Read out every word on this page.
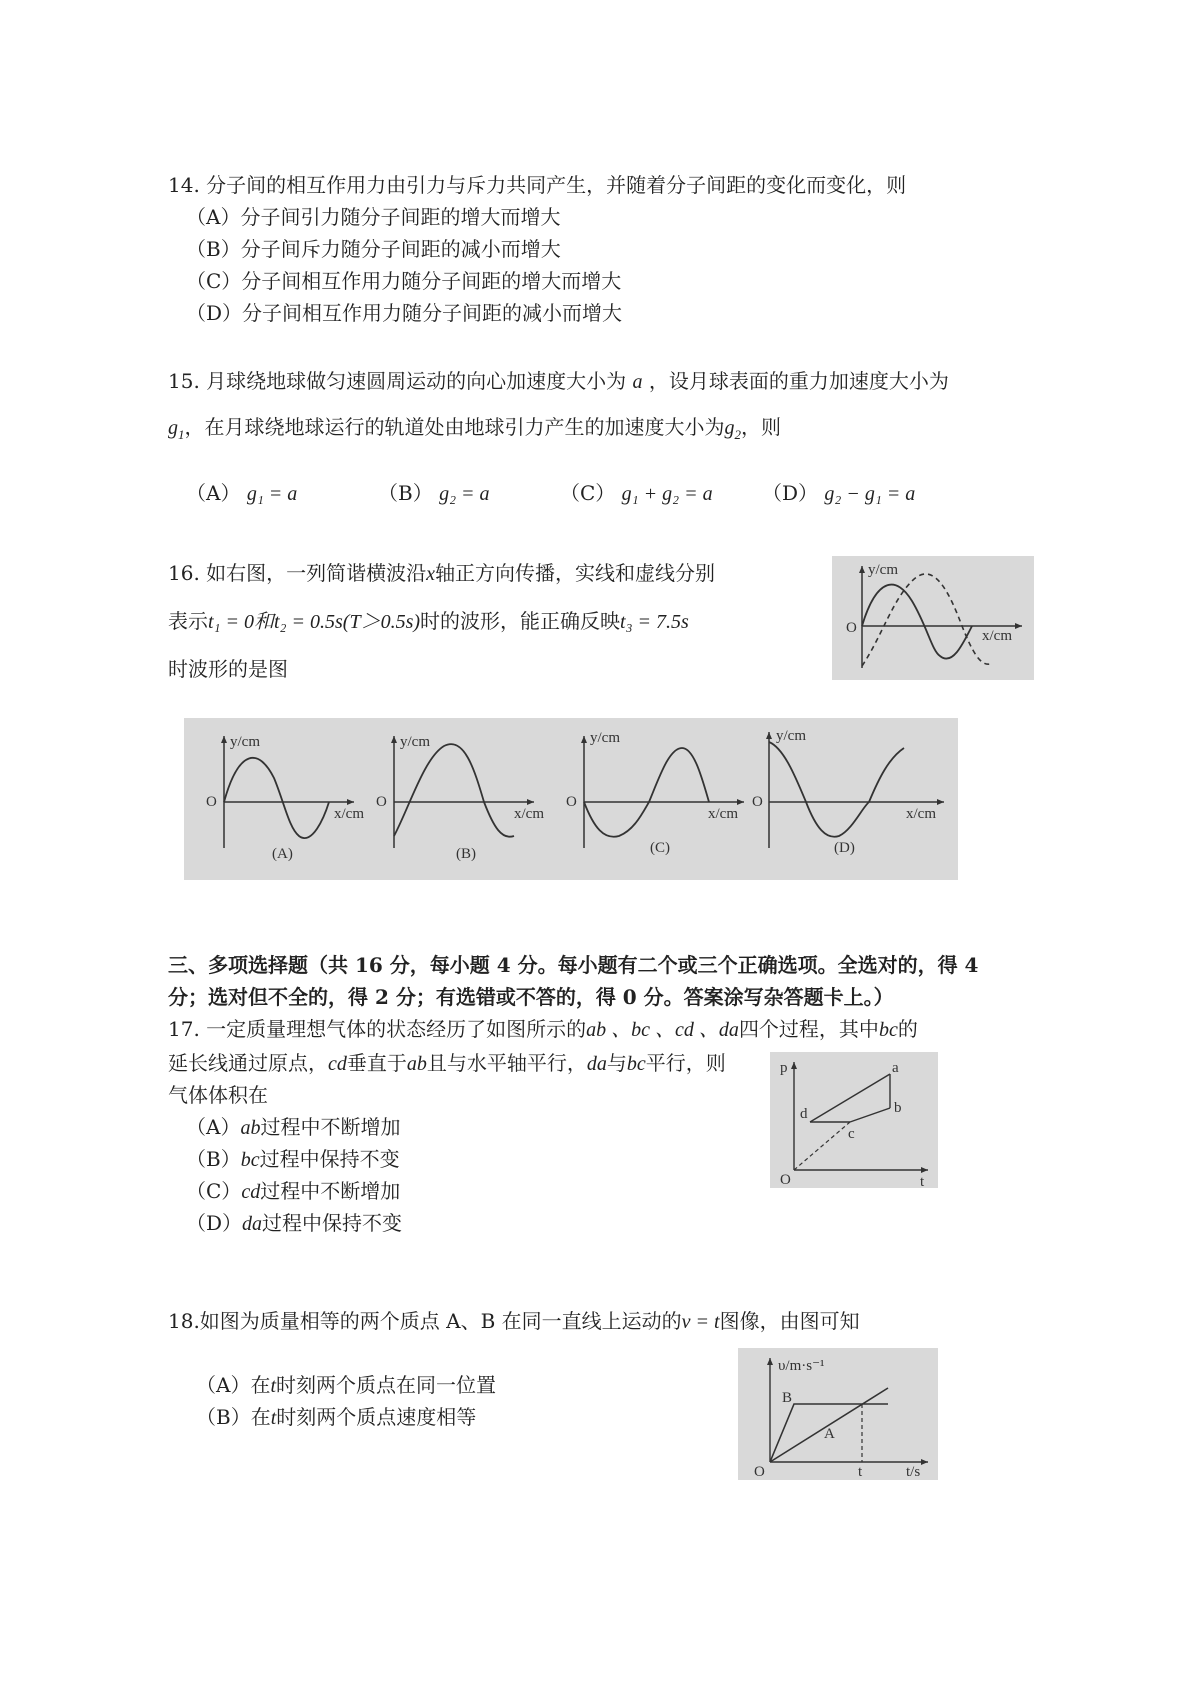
14. 分子间的相互作用力由引力与斥力共同产生，并随着分子间距的变化而变化，则
（A）分子间引力随分子间距的增大而增大
（B）分子间斥力随分子间距的减小而增大
（C）分子间相互作用力随分子间距的增大而增大
（D）分子间相互作用力随分子间距的减小而增大
15. 月球绕地球做匀速圆周运动的向心加速度大小为 a ，设月球表面的重力加速度大小为
$g_1$，在月球绕地球运行的轨道处由地球引力产生的加速度大小为$g_2$，则
（A） g₁ = a	（B） g₂ = a	（C） g₁ + g₂ = a （D） g₂ − g₁ = a
16. 如右图，一列简谐横波沿x轴正方向传播，实线和虚线分别
表示t₁ = 0和t₂ = 0.5s(T＞0.5s)时的波形，能正确反映t₃ = 7.5s
时波形的是图
y/cm
x/cm
O
y/cm
x/cm
O
(A)
y/cm
x/cm
O
(B)
y/cm
x/cm
O
(C)
y/cm
x/cm
O
(D)
三、多项选择题（共 16 分，每小题 4 分。每小题有二个或三个正确选项。全选对的，得 4
分；选对但不全的，得 2 分；有选错或不答的，得 0 分。答案涂写杂答题卡上。）
17. 一定质量理想气体的状态经历了如图所示的ab 、bc 、cd 、da四个过程，其中bc的
延长线通过原点，cd垂直于ab且与水平轴平行，da与bc平行，则
气体体积在
（A）ab过程中不断增加
（B）bc过程中保持不变
（C）cd过程中不断增加
（D）da过程中保持不变
p
t
O
a
b
c
d
18.如图为质量相等的两个质点 A、B 在同一直线上运动的v = t图像，由图可知
（A）在t时刻两个质点在同一位置
（B）在t时刻两个质点速度相等
υ/m·s⁻¹
t/s
O	t
B
A
